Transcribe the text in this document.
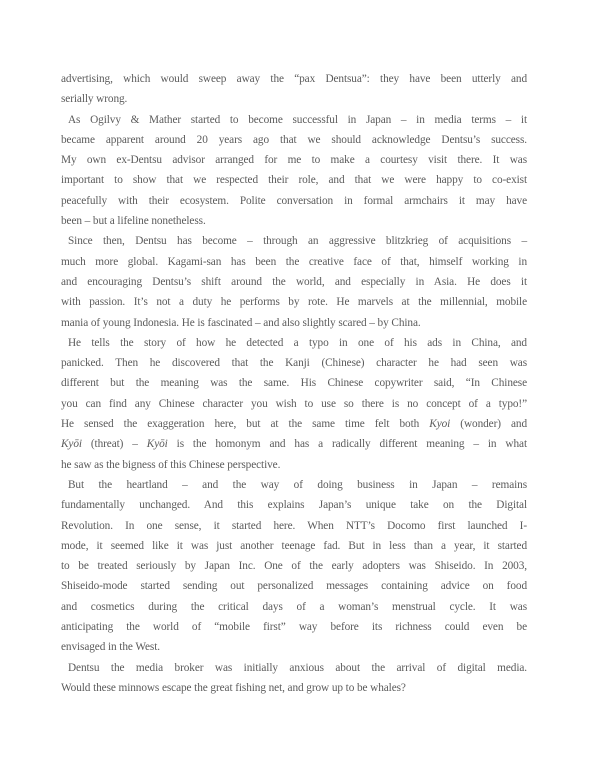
advertising, which would sweep away the “pax Dentsua”: they have been utterly and
serially wrong.
As Ogilvy & Mather started to become successful in Japan – in media terms – it
became apparent around 20 years ago that we should acknowledge Dentsu’s success.
My own ex-Dentsu advisor arranged for me to make a courtesy visit there. It was
important to show that we respected their role, and that we were happy to co-exist
peacefully with their ecosystem. Polite conversation in formal armchairs it may have
been – but a lifeline nonetheless.
Since then, Dentsu has become – through an aggressive blitzkrieg of acquisitions –
much more global. Kagami-san has been the creative face of that, himself working in
and encouraging Dentsu’s shift around the world, and especially in Asia. He does it
with passion. It’s not a duty he performs by rote. He marvels at the millennial, mobile
mania of young Indonesia. He is fascinated – and also slightly scared – by China.
He tells the story of how he detected a typo in one of his ads in China, and
panicked. Then he discovered that the Kanji (Chinese) character he had seen was
different but the meaning was the same. His Chinese copywriter said, “In Chinese
you can find any Chinese character you wish to use so there is no concept of a typo!”
He sensed the exaggeration here, but at the same time felt both Kyoi (wonder) and
Kyōi (threat) – Kyōi is the homonym and has a radically different meaning – in what
he saw as the bigness of this Chinese perspective.
But the heartland – and the way of doing business in Japan – remains
fundamentally unchanged. And this explains Japan’s unique take on the Digital
Revolution. In one sense, it started here. When NTT’s Docomo first launched I-
mode, it seemed like it was just another teenage fad. But in less than a year, it started
to be treated seriously by Japan Inc. One of the early adopters was Shiseido. In 2003,
Shiseido-mode started sending out personalized messages containing advice on food
and cosmetics during the critical days of a woman’s menstrual cycle. It was
anticipating the world of “mobile first” way before its richness could even be
envisaged in the West.
Dentsu the media broker was initially anxious about the arrival of digital media.
Would these minnows escape the great fishing net, and grow up to be whales?
